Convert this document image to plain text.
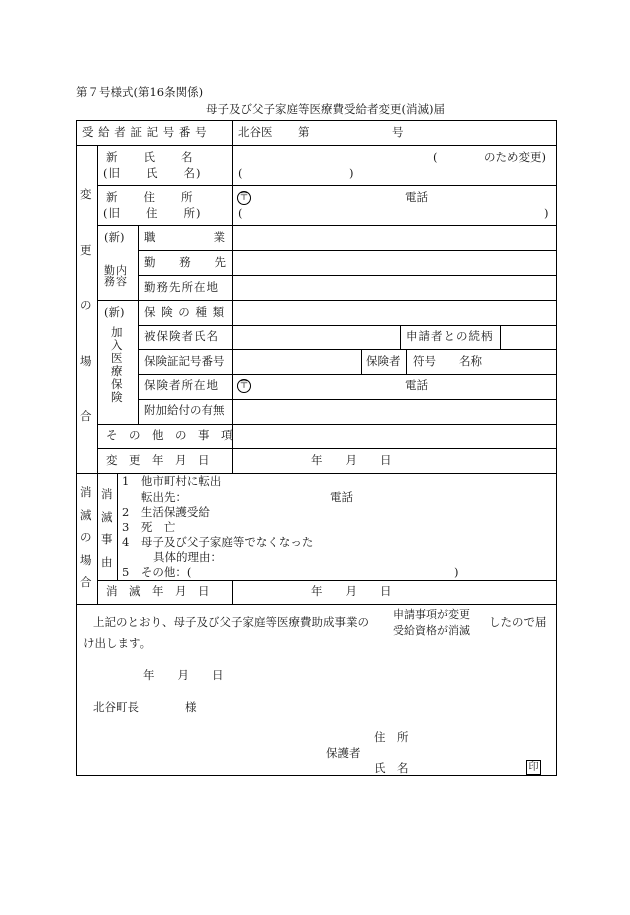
第７号様式(第16条関係)
母子及び父子家庭等医療費受給者変更(消滅)届
受 給 者 証 記 号 番 号	北谷医 第	号
変
更
の
場
合
新　　氏　　名
(旧　　氏　　名)
(	のため変更)
(	)
新　　住　　所
(旧　　住　　所)
〒	電話
(	)
(新)
勤内務容
職　業
勤　務　先
勤務先所在地
(新)
加入医療保険
保 険 の 種 類
被保険者氏名	申請者との続柄
保険証記号番号	保険者 符号 名称
保険者所在地 〒	電話
附加給付の有無
そ　の　他　の　事　項
変　更　年　月　日	年　　月　　日
消
滅
の
場
合
消
滅
事
由
1　他市町村に転出
転出先：	電話
2　生活保護受給
3　死　亡
4　母子及び父子家庭等でなくなった
具体的理由：
5　その他：(	)
消　滅　年　月　日	年　　月　　日
上記のとおり、母子及び父子家庭等医療費助成事業の
申請事項が変更
受給資格が消滅
したので届
け出します。
年　　月　　日
北谷町長　　　　様
住　所
保護者
氏　名	印
